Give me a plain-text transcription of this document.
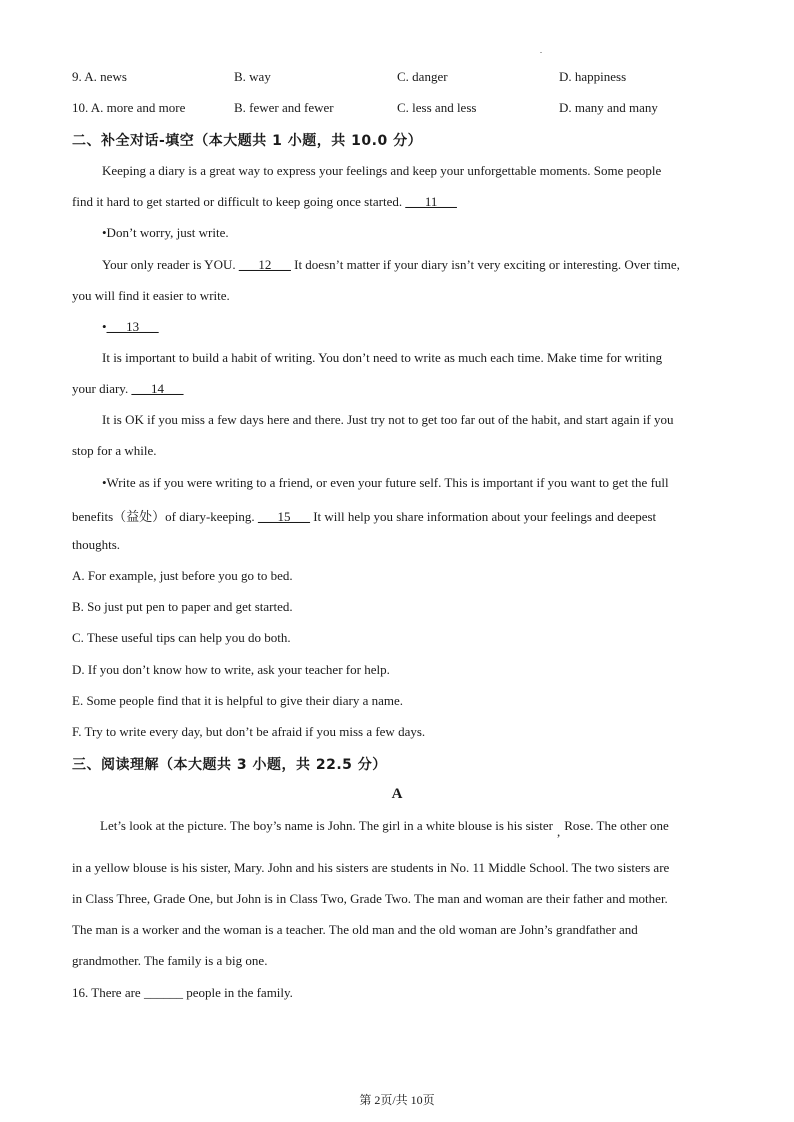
.
9. A. news	B. way	C. danger	D. happiness
10. A. more and more	B. fewer and fewer	C. less and less	D. many and many
二、补全对话-填空（本大题共 1 小题，共 10.0 分）
Keeping a diary is a great way to express your feelings and keep your unforgettable moments. Some people
find it hard to get started or difficult to keep going once started. ___11___
•Don’t worry, just write.
Your only reader is YOU. ___12___ It doesn’t matter if your diary isn’t very exciting or interesting. Over time,
you will find it easier to write.
•___13___
It is important to build a habit of writing. You don’t need to write as much each time. Make time for writing
your diary. ___14___
It is OK if you miss a few days here and there. Just try not to get too far out of the habit, and start again if you
stop for a while.
•Write as if you were writing to a friend, or even your future self. This is important if you want to get the full
benefits（益处）of diary-keeping. ___15___ It will help you share information about your feelings and deepest
thoughts.
A. For example, just before you go to bed.
B. So just put pen to paper and get started.
C. These useful tips can help you do both.
D. If you don’t know how to write, ask your teacher for help.
E. Some people find that it is helpful to give their diary a name.
F. Try to write every day, but don’t be afraid if you miss a few days.
三、阅读理解（本大题共 3 小题，共 22.5 分）
A
Let’s look at the picture. The boy’s name is John. The girl in a white blouse is his sister , Rose. The other one
in a yellow blouse is his sister, Mary. John and his sisters are students in No. 11 Middle School. The two sisters are
in Class Three, Grade One, but John is in Class Two, Grade Two. The man and woman are their father and mother.
The man is a worker and the woman is a teacher. The old man and the old woman are John’s grandfather and
grandmother. The family is a big one.
16. There are ______ people in the family.
第 2页/共 10页
